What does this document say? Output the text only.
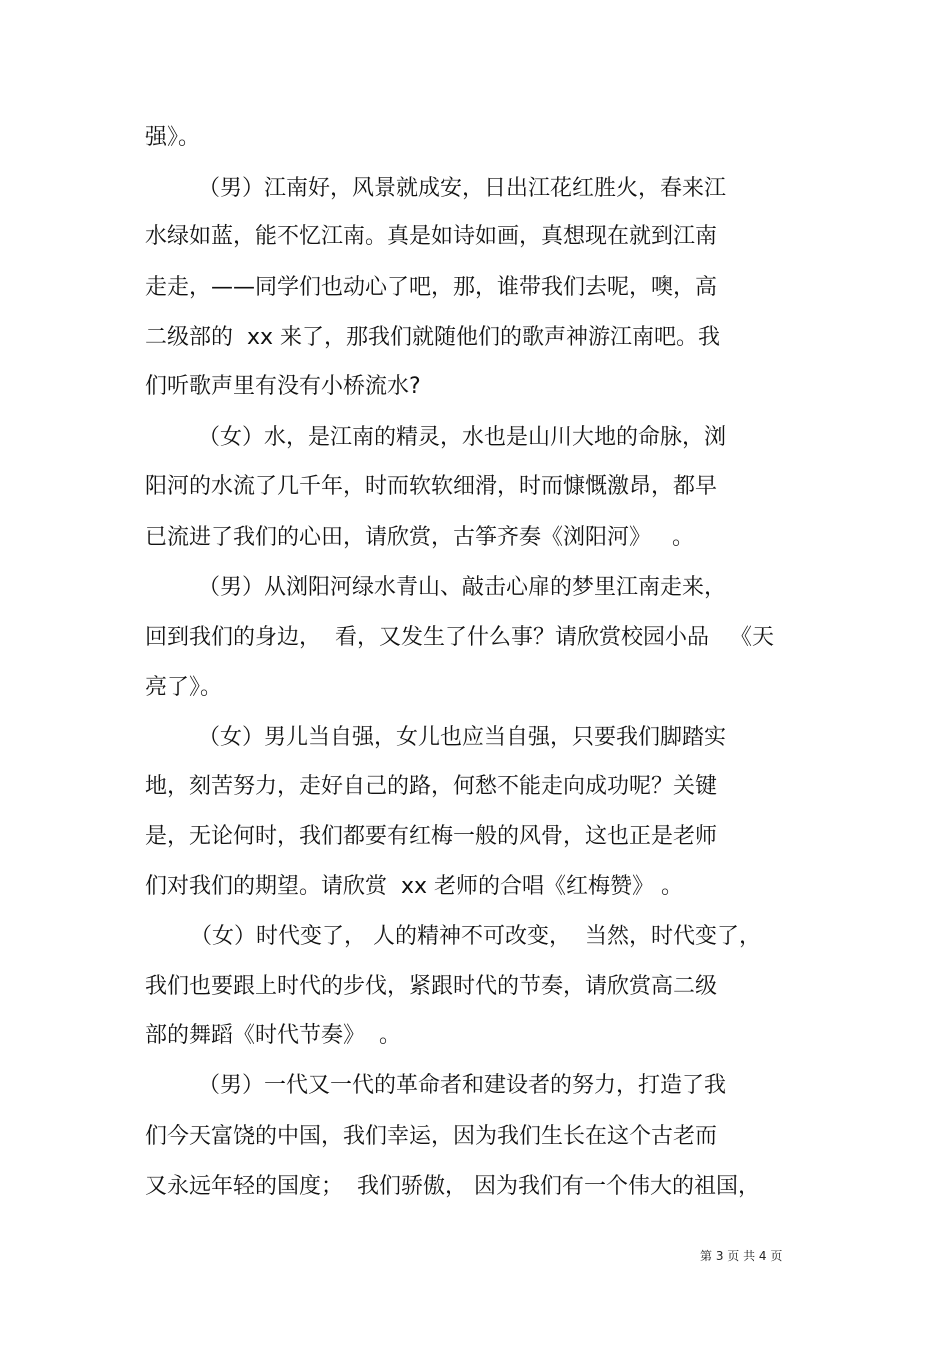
强》。
（男）江南好，风景就成安，日出江花红胜火，春来江
水绿如蓝，能不忆江南。真是如诗如画，真想现在就到江南
走走，——同学们也动心了吧，那，谁带我们去呢，噢，高
二级部的  xx 来了，那我们就随他们的歌声神游江南吧。我
们听歌声里有没有小桥流水?
（女）水，是江南的精灵，水也是山川大地的命脉，浏
阳河的水流了几千年，时而软软细滑，时而慷慨激昂，都早
已流进了我们的心田，请欣赏，古筝齐奏《浏阳河》   。
（男）从浏阳河绿水青山、敲击心扉的梦里江南走来，
回到我们的身边，  看，又发生了什么事？请欣赏校园小品   《天
亮了》。
（女）男儿当自强，女儿也应当自强，只要我们脚踏实
地，刻苦努力，走好自己的路，何愁不能走向成功呢？关键
是，无论何时，我们都要有红梅一般的风骨，这也正是老师
们对我们的期望。请欣赏  xx 老师的合唱《红梅赞》 。
（女）时代变了， 人的精神不可改变，  当然，时代变了，
我们也要跟上时代的步伐，紧跟时代的节奏，请欣赏高二级
部的舞蹈《时代节奏》  。
（男）一代又一代的革命者和建设者的努力，打造了我
们今天富饶的中国，我们幸运，因为我们生长在这个古老而
又永远年轻的国度；  我们骄傲， 因为我们有一个伟大的祖国，
第 3 页 共 4 页
